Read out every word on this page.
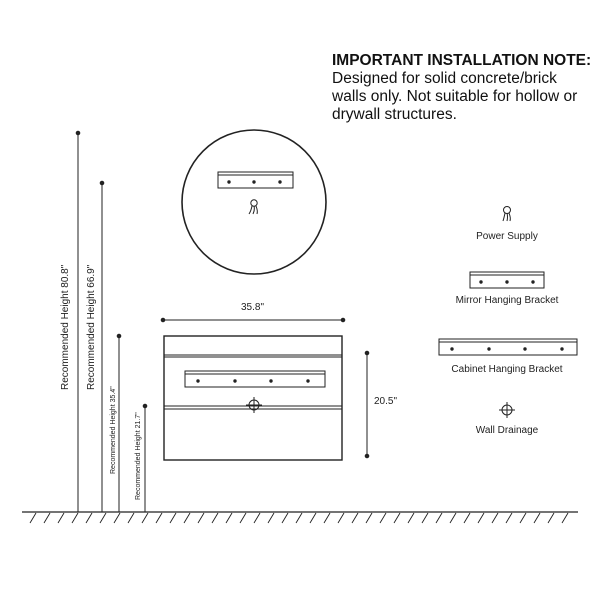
IMPORTANT INSTALLATION NOTE:
Designed for solid concrete/brick walls only. Not suitable for hollow or drywall structures.
Recommended Height 80.8" Recommended Height 66.9"
Recommended Height 35.4"	Recommended Height 21.7"
35.8"
20.5"
Power Supply
Mirror Hanging Bracket
Cabinet Hanging Bracket
Wall Drainage
